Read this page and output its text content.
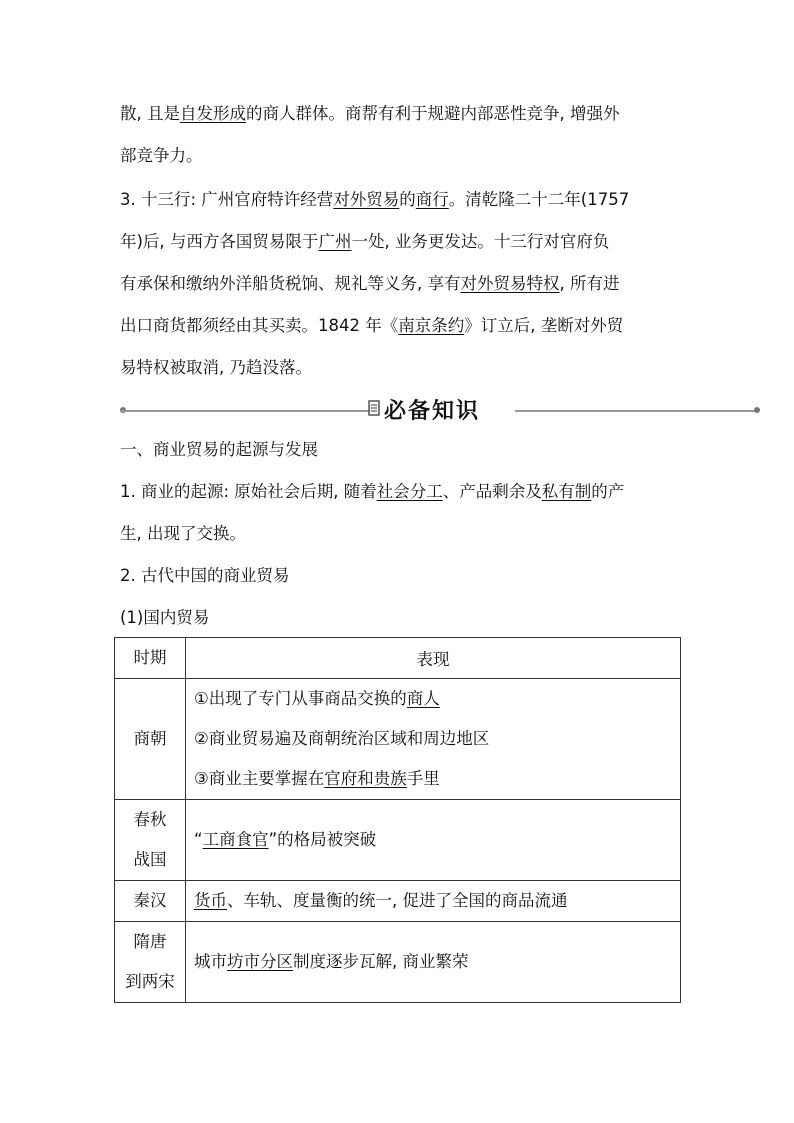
散, 且是自发形成的商人群体。商帮有利于规避内部恶性竞争, 增强外
部竞争力。
3. 十三行: 广州官府特许经营对外贸易的商行。清乾隆二十二年(1757
年)后, 与西方各国贸易限于广州一处, 业务更发达。十三行对官府负
有承保和缴纳外洋船货税饷、规礼等义务, 享有对外贸易特权, 所有进
出口商货都须经由其买卖。1842 年《南京条约》订立后, 垄断对外贸
易特权被取消, 乃趋没落。
必备知识
一、商业贸易的起源与发展
1. 商业的起源: 原始社会后期, 随着社会分工、产品剩余及私有制的产
生, 出现了交换。
2. 古代中国的商业贸易
(1)国内贸易
时期	表现
商朝	①出现了专门从事商品交换的商人
②商业贸易遍及商朝统治区域和周边地区
③商业主要掌握在官府和贵族手里

春秋
战国	“工商食官”的格局被突破

秦汉	货币、车轨、度量衡的统一, 促进了全国的商品流通

隋唐
到两宋	城市坊市分区制度逐步瓦解, 商业繁荣
